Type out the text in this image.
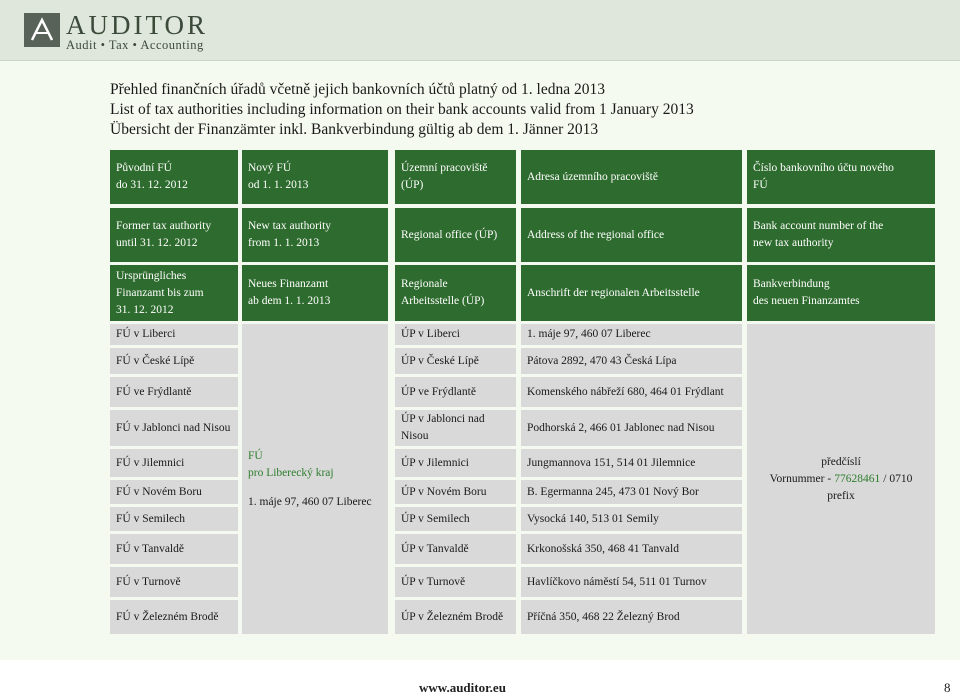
AUDITOR
Audit • Tax • Accounting
Přehled finančních úřadů včetně jejich bankovních účtů platný od 1. ledna 2013
List of tax authorities including information on their bank accounts valid from 1 January 2013
Übersicht der Finanzämter inkl. Bankverbindung gültig ab dem 1. Jänner 2013
Původní FÚ
do 31. 12. 2012
Nový FÚ
od 1. 1. 2013
Územní pracoviště
(ÚP)
Adresa územního pracoviště
Číslo bankovního účtu nového
FÚ
Former tax authority
until 31. 12. 2012
New tax authority
from 1. 1. 2013
Regional office (ÚP)	Address of the regional office
Bank account number of the
new tax authority
Ursprüngliches
Finanzamt bis zum
31. 12. 2012
Neues Finanzamt
ab dem 1. 1. 2013
Regionale
Arbeitsstelle (ÚP)
Anschrift der regionalen Arbeitsstelle
Bankverbindung
des neuen Finanzamtes
FÚ v Liberci
FÚ v České Lípě
FÚ ve Frýdlantě
FÚ v Jablonci nad Nisou
FÚ v Jilemnici
FÚ v Novém Boru
FÚ v Semilech
FÚ v Tanvaldě
FÚ v Turnově
FÚ v Železném Brodě
FÚ
pro Liberecký kraj
1. máje 97, 460 07 Liberec
ÚP v Liberci
ÚP v České Lípě
ÚP ve Frýdlantě
ÚP v Jablonci nad Nisou
ÚP v Jilemnici
ÚP v Novém Boru
ÚP v Semilech
ÚP v Tanvaldě
ÚP v Turnově
ÚP v Železném Brodě
1. máje 97, 460 07 Liberec
Pátova 2892, 470 43 Česká Lípa
Komenského nábřeží 680, 464 01 Frýdlant
Podhorská 2, 466 01 Jablonec nad Nisou
Jungmannova 151, 514 01 Jilemnice
B. Egermanna 245, 473 01 Nový Bor
Vysocká 140, 513 01 Semily
Krkonošská 350, 468 41 Tanvald
Havlíčkovo náměstí 54, 511 01 Turnov
Příčná 350, 468 22 Železný Brod
předčíslí
Vornummer - 77628461 / 0710
prefix
www.auditor.eu	8
